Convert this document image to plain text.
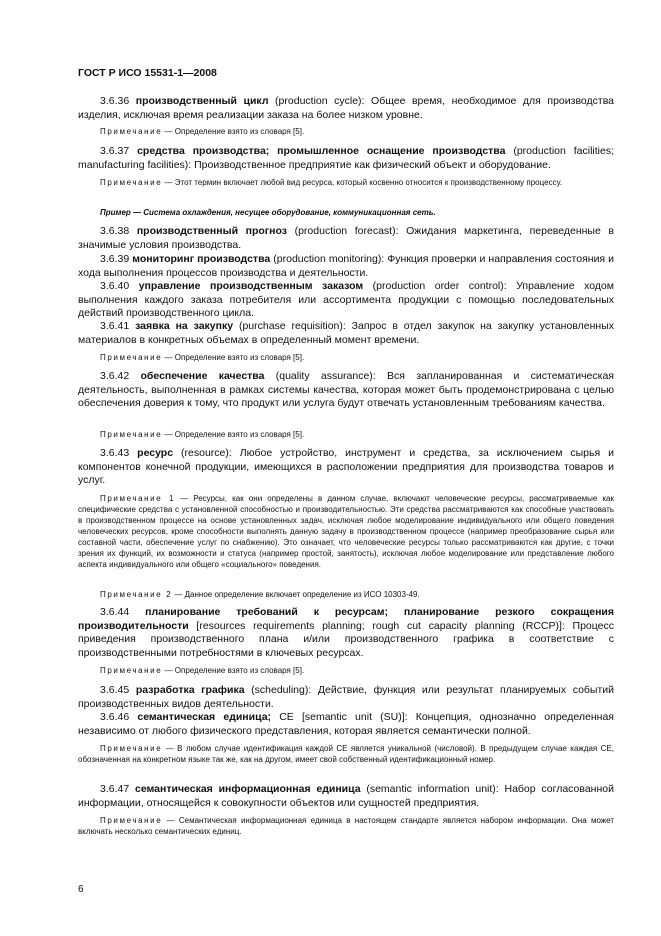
ГОСТ Р ИСО 15531-1—2008
3.6.36 производственный цикл (production cycle): Общее время, необходимое для производства изделия, исключая время реализации заказа на более низком уровне.
Примечание — Определение взято из словаря [5].
3.6.37 средства производства; промышленное оснащение производства (production facilities; manufacturing facilities): Производственное предприятие как физический объект и оборудование.
Примечание — Этот термин включает любой вид ресурса, который косвенно относится к производственному процессу.
Пример — Система охлаждения, несущее оборудование, коммуникационная сеть.
3.6.38 производственный прогноз (production forecast): Ожидания маркетинга, переведенные в значимые условия производства.
3.6.39 мониторинг производства (production monitoring): Функция проверки и направления состояния и хода выполнения процессов производства и деятельности.
3.6.40 управление производственным заказом (production order control): Управление ходом выполнения каждого заказа потребителя или ассортимента продукции с помощью последовательных действий производственного цикла.
3.6.41 заявка на закупку (purchase requisition): Запрос в отдел закупок на закупку установленных материалов в конкретных объемах в определенный момент времени.
Примечание — Определение взято из словаря [5].
3.6.42 обеспечение качества (quality assurance): Вся запланированная и систематическая деятельность, выполненная в рамках системы качества, которая может быть продемонстрирована с целью обеспечения доверия к тому, что продукт или услуга будут отвечать установленным требованиям качества.
Примечание — Определение взято из словаря [5].
3.6.43 ресурс (resource): Любое устройство, инструмент и средства, за исключением сырья и компонентов конечной продукции, имеющихся в расположении предприятия для производства товаров и услуг.
Примечание 1 — Ресурсы, как они определены в данном случае, включают человеческие ресурсы, рассматриваемые как специфические средства с установленной способностью и производительностью. Эти средства рассматриваются как способные участвовать в производственном процессе на основе установленных задач, исключая любое моделирование индивидуального или общего поведения человеческих ресурсов, кроме способности выполнять данную задачу в производственном процессе (например преобразование сырья или составной части, обеспечение услуг по снабжению). Это означает, что человеческие ресурсы только рассматриваются как другие, с точки зрения их функций, их возможности и статуса (например простой, занятость), исключая любое моделирование или представление любого аспекта индивидуального или общего «социального» поведения.
Примечание 2 — Данное определение включает определение из ИСО 10303-49.
3.6.44 планирование требований к ресурсам; планирование резкого сокращения производительности [resources requirements planning; rough cut capacity planning (RCCP)]: Процесс приведения производственного плана и/или производственного графика в соответствие с производственными потребностями в ключевых ресурсах.
Примечание — Определение взято из словаря [5].
3.6.45 разработка графика (scheduling): Действие, функция или результат планируемых событий производственных видов деятельности.
3.6.46 семантическая единица; СЕ [semantic unit (SU)]: Концепция, однозначно определенная независимо от любого физического представления, которая является семантически полной.
Примечание — В любом случае идентификация каждой СЕ является уникальной (числовой). В предыдущем случае каждая СЕ, обозначенная на конкретном языке так же, как на другом, имеет свой собственный идентификационный номер.
3.6.47 семантическая информационная единица (semantic information unit): Набор согласованной информации, относящейся к совокупности объектов или сущностей предприятия.
Примечание — Семантическая информационная единица в настоящем стандарте является набором информации. Она может включать несколько семантических единиц.
6
